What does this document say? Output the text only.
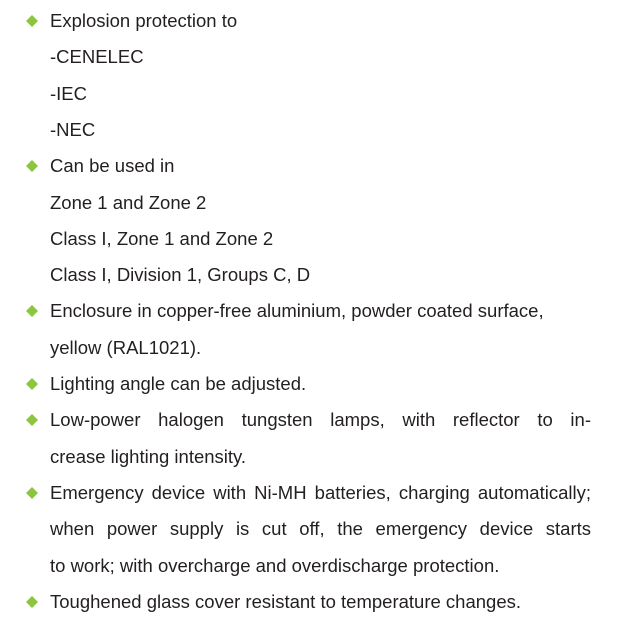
Explosion protection to
-CENELEC
-IEC
-NEC
Can be used in
Zone 1 and Zone 2
Class I, Zone 1 and Zone 2
Class I, Division 1, Groups C, D
Enclosure in copper-free aluminium, powder coated surface,
yellow (RAL1021).
Lighting angle can be adjusted.
Low-power halogen tungsten lamps, with reflector to in-
crease lighting intensity.
Emergency device with Ni-MH batteries, charging automatically;
when power supply is cut off, the emergency device starts
to work; with overcharge and overdischarge protection.
Toughened glass cover resistant to temperature changes.
